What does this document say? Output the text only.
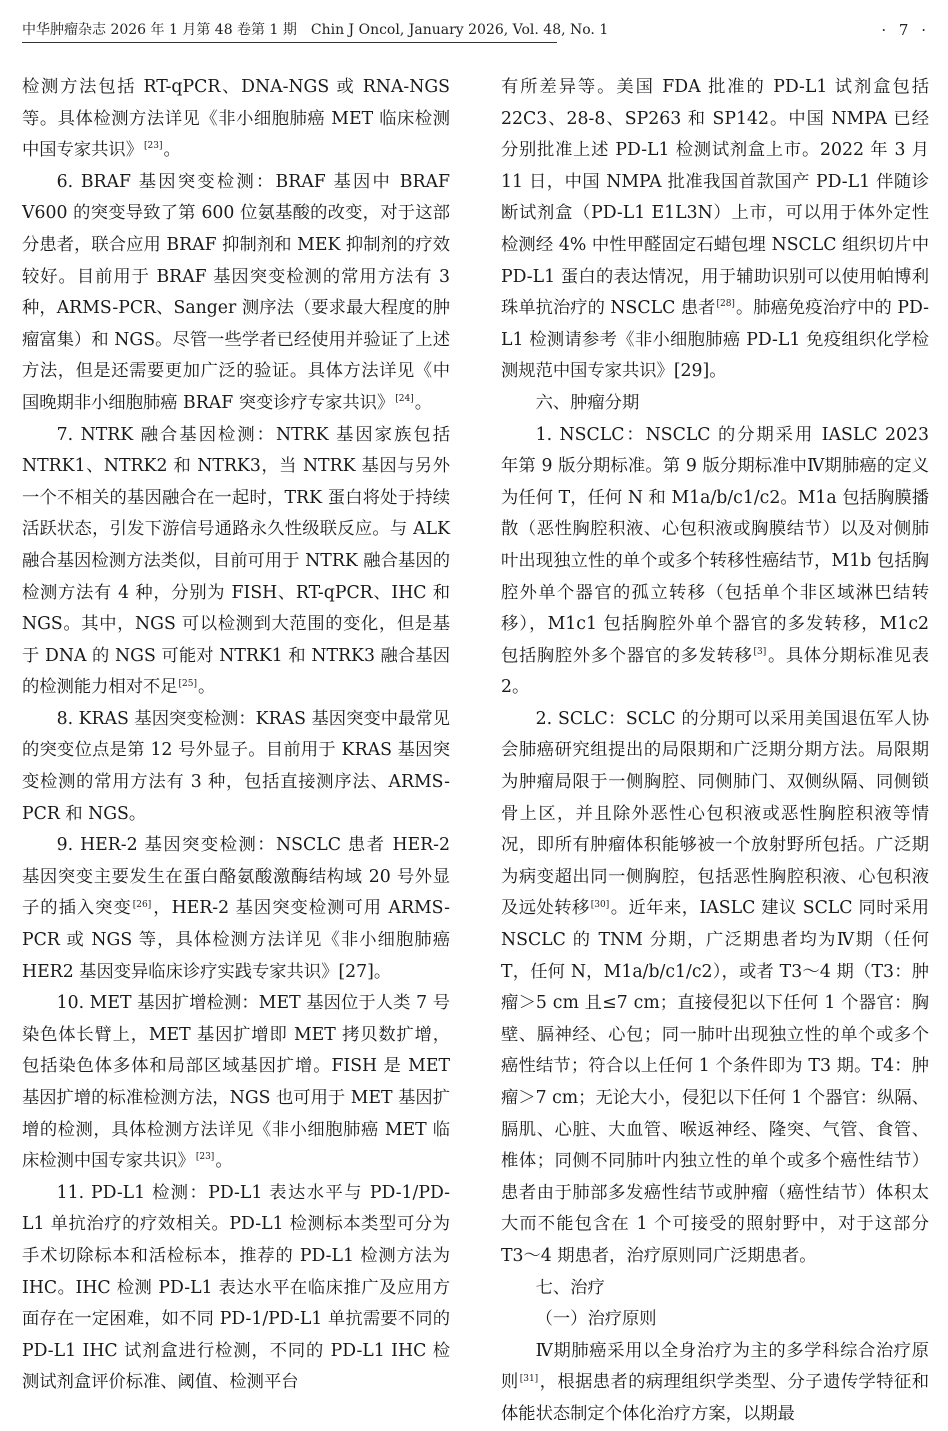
中华肿瘤杂志 2026 年 1 月第 48 卷第 1 期　Chin J Oncol, January 2026, Vol. 48, No. 1	· 7 ·

检测方法包括 RT-qPCR、DNA-NGS 或 RNA-NGS 等。具体检测方法详见《非小细胞肺癌 MET 临床检测中国专家共识》[23]。

6. BRAF 基因突变检测：BRAF 基因中 BRAF V600 的突变导致了第 600 位氨基酸的改变，对于这部分患者，联合应用 BRAF 抑制剂和 MEK 抑制剂的疗效较好。目前用于 BRAF 基因突变检测的常用方法有 3 种，ARMS-PCR、Sanger 测序法（要求最大程度的肿瘤富集）和 NGS。尽管一些学者已经使用并验证了上述方法，但是还需要更加广泛的验证。具体方法详见《中国晚期非小细胞肺癌 BRAF 突变诊疗专家共识》[24]。

7. NTRK 融合基因检测：NTRK 基因家族包括 NTRK1、NTRK2 和 NTRK3，当 NTRK 基因与另外一个不相关的基因融合在一起时，TRK 蛋白将处于持续活跃状态，引发下游信号通路永久性级联反应。与 ALK 融合基因检测方法类似，目前可用于 NTRK 融合基因的检测方法有 4 种，分别为 FISH、RT-qPCR、IHC 和 NGS。其中，NGS 可以检测到大范围的变化，但是基于 DNA 的 NGS 可能对 NTRK1 和 NTRK3 融合基因的检测能力相对不足[25]。

8. KRAS 基因突变检测：KRAS 基因突变中最常见的突变位点是第 12 号外显子。目前用于 KRAS 基因突变检测的常用方法有 3 种，包括直接测序法、ARMS-PCR 和 NGS。

9. HER-2 基因突变检测：NSCLC 患者 HER-2 基因突变主要发生在蛋白酪氨酸激酶结构域 20 号外显子的插入突变[26]，HER-2 基因突变检测可用 ARMS-PCR 或 NGS 等，具体检测方法详见《非小细胞肺癌 HER2 基因变异临床诊疗实践专家共识》[27]。

10. MET 基因扩增检测：MET 基因位于人类 7 号染色体长臂上，MET 基因扩增即 MET 拷贝数扩增，包括染色体多体和局部区域基因扩增。FISH 是 MET 基因扩增的标准检测方法，NGS 也可用于 MET 基因扩增的检测，具体检测方法详见《非小细胞肺癌 MET 临床检测中国专家共识》[23]。

11. PD-L1 检测：PD-L1 表达水平与 PD-1/PD-L1 单抗治疗的疗效相关。PD-L1 检测标本类型可分为手术切除标本和活检标本，推荐的 PD-L1 检测方法为 IHC。IHC 检测 PD-L1 表达水平在临床推广及应用方面存在一定困难，如不同 PD-1/PD-L1 单抗需要不同的 PD-L1 IHC 试剂盒进行检测，不同的 PD-L1 IHC 检测试剂盒评价标准、阈值、检测平台

有所差异等。美国 FDA 批准的 PD-L1 试剂盒包括 22C3、28-8、SP263 和 SP142。中国 NMPA 已经分别批准上述 PD-L1 检测试剂盒上市。2022 年 3 月 11 日，中国 NMPA 批准我国首款国产 PD-L1 伴随诊断试剂盒（PD-L1 E1L3N）上市，可以用于体外定性检测经 4% 中性甲醛固定石蜡包埋 NSCLC 组织切片中 PD-L1 蛋白的表达情况，用于辅助识别可以使用帕博利珠单抗治疗的 NSCLC 患者[28]。肺癌免疫治疗中的 PD-L1 检测请参考《非小细胞肺癌 PD-L1 免疫组织化学检测规范中国专家共识》[29]。

六、肿瘤分期

1. NSCLC：NSCLC 的分期采用 IASLC 2023 年第 9 版分期标准。第 9 版分期标准中Ⅳ期肺癌的定义为任何 T，任何 N 和 M1a/b/c1/c2。M1a 包括胸膜播散（恶性胸腔积液、心包积液或胸膜结节）以及对侧肺叶出现独立性的单个或多个转移性癌结节，M1b 包括胸腔外单个器官的孤立转移（包括单个非区域淋巴结转移），M1c1 包括胸腔外单个器官的多发转移，M1c2 包括胸腔外多个器官的多发转移[3]。具体分期标准见表 2。

2. SCLC：SCLC 的分期可以采用美国退伍军人协会肺癌研究组提出的局限期和广泛期分期方法。局限期为肿瘤局限于一侧胸腔、同侧肺门、双侧纵隔、同侧锁骨上区，并且除外恶性心包积液或恶性胸腔积液等情况，即所有肿瘤体积能够被一个放射野所包括。广泛期为病变超出同一侧胸腔，包括恶性胸腔积液、心包积液及远处转移[30]。近年来，IASLC 建议 SCLC 同时采用 NSCLC 的 TNM 分期，广泛期患者均为Ⅳ期（任何 T，任何 N，M1a/b/c1/c2），或者 T3～4 期（T3：肿瘤＞5 cm 且≤7 cm；直接侵犯以下任何 1 个器官：胸壁、膈神经、心包；同一肺叶出现独立性的单个或多个癌性结节；符合以上任何 1 个条件即为 T3 期。T4：肿瘤＞7 cm；无论大小，侵犯以下任何 1 个器官：纵隔、膈肌、心脏、大血管、喉返神经、隆突、气管、食管、椎体；同侧不同肺叶内独立性的单个或多个癌性结节）患者由于肺部多发癌性结节或肿瘤（癌性结节）体积太大而不能包含在 1 个可接受的照射野中，对于这部分 T3～4 期患者，治疗原则同广泛期患者。

七、治疗

（一）治疗原则

Ⅳ期肺癌采用以全身治疗为主的多学科综合治疗原则[31]，根据患者的病理组织学类型、分子遗传学特征和体能状态制定个体化治疗方案，以期最
